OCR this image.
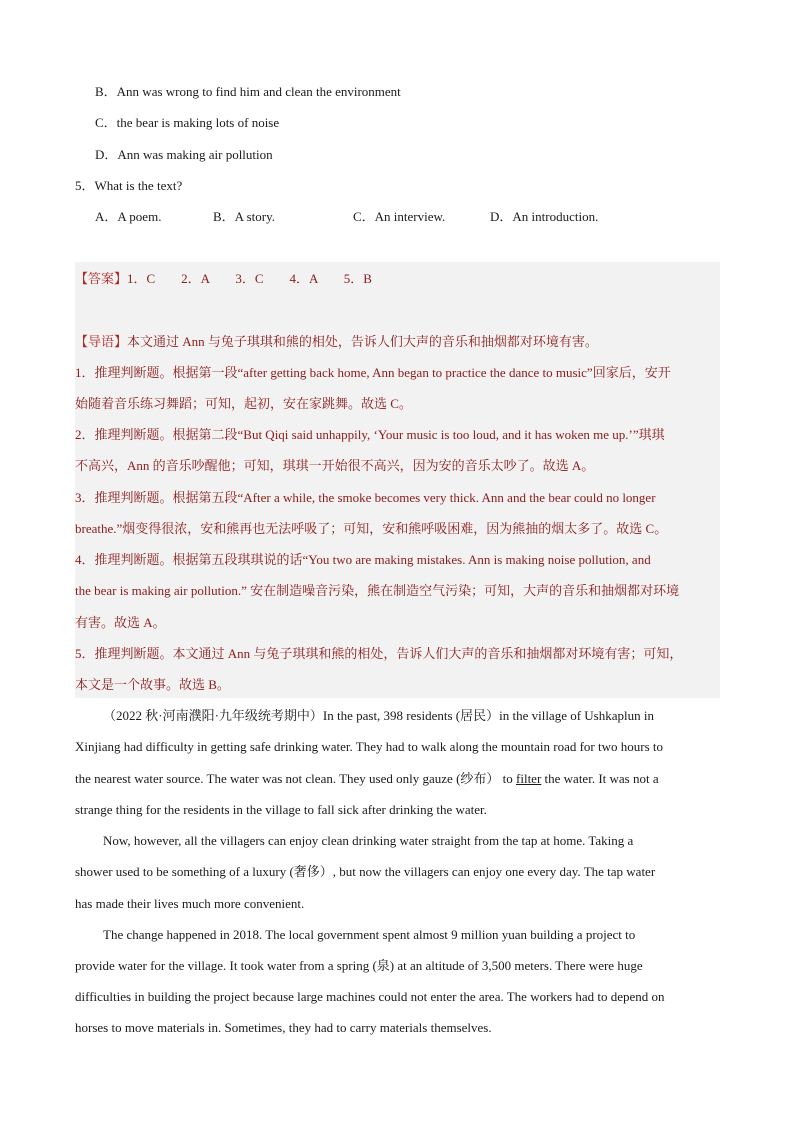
B．Ann was wrong to find him and clean the environment
C．the bear is making lots of noise
D．Ann was making air pollution
5．What is the text?
A．A poem.	B．A story.	C．An interview.	D．An introduction.
【答案】1．C　　2．A　　3．C　　4．A　　5．B
【导语】本文通过 Ann 与兔子琪琪和熊的相处，告诉人们大声的音乐和抽烟都对环境有害。
1．推理判断题。根据第一段“after getting back home, Ann began to practice the dance to music”回家后，安开
始随着音乐练习舞蹈；可知，起初，安在家跳舞。故选 C。
2．推理判断题。根据第二段“But Qiqi said unhappily, ‘Your music is too loud, and it has woken me up.’”琪琪
不高兴，Ann 的音乐吵醒他；可知，琪琪一开始很不高兴，因为安的音乐太吵了。故选 A。
3．推理判断题。根据第五段“After a while, the smoke becomes very thick. Ann and the bear could no longer
breathe.”烟变得很浓，安和熊再也无法呼吸了；可知，安和熊呼吸困难，因为熊抽的烟太多了。故选 C。
4．推理判断题。根据第五段琪琪说的话“You two are making mistakes. Ann is making noise pollution, and
the bear is making air pollution.” 安在制造噪音污染，熊在制造空气污染；可知，大声的音乐和抽烟都对环境
有害。故选 A。
5．推理判断题。本文通过 Ann 与兔子琪琪和熊的相处，告诉人们大声的音乐和抽烟都对环境有害；可知，
本文是一个故事。故选 B。
（2022 秋·河南濮阳·九年级统考期中）In the past, 398 residents (居民）in the village of Ushkaplun in
Xinjiang had difficulty in getting safe drinking water. They had to walk along the mountain road for two hours to
the nearest water source. The water was not clean. They used only gauze (纱布） to filter the water. It was not a
strange thing for the residents in the village to fall sick after drinking the water.
Now, however, all the villagers can enjoy clean drinking water straight from the tap at home. Taking a
shower used to be something of a luxury (奢侈）, but now the villagers can enjoy one every day. The tap water
has made their lives much more convenient.
The change happened in 2018. The local government spent almost 9 million yuan building a project to
provide water for the village. It took water from a spring (泉) at an altitude of 3,500 meters. There were huge
difficulties in building the project because large machines could not enter the area. The workers had to depend on
horses to move materials in. Sometimes, they had to carry materials themselves.
